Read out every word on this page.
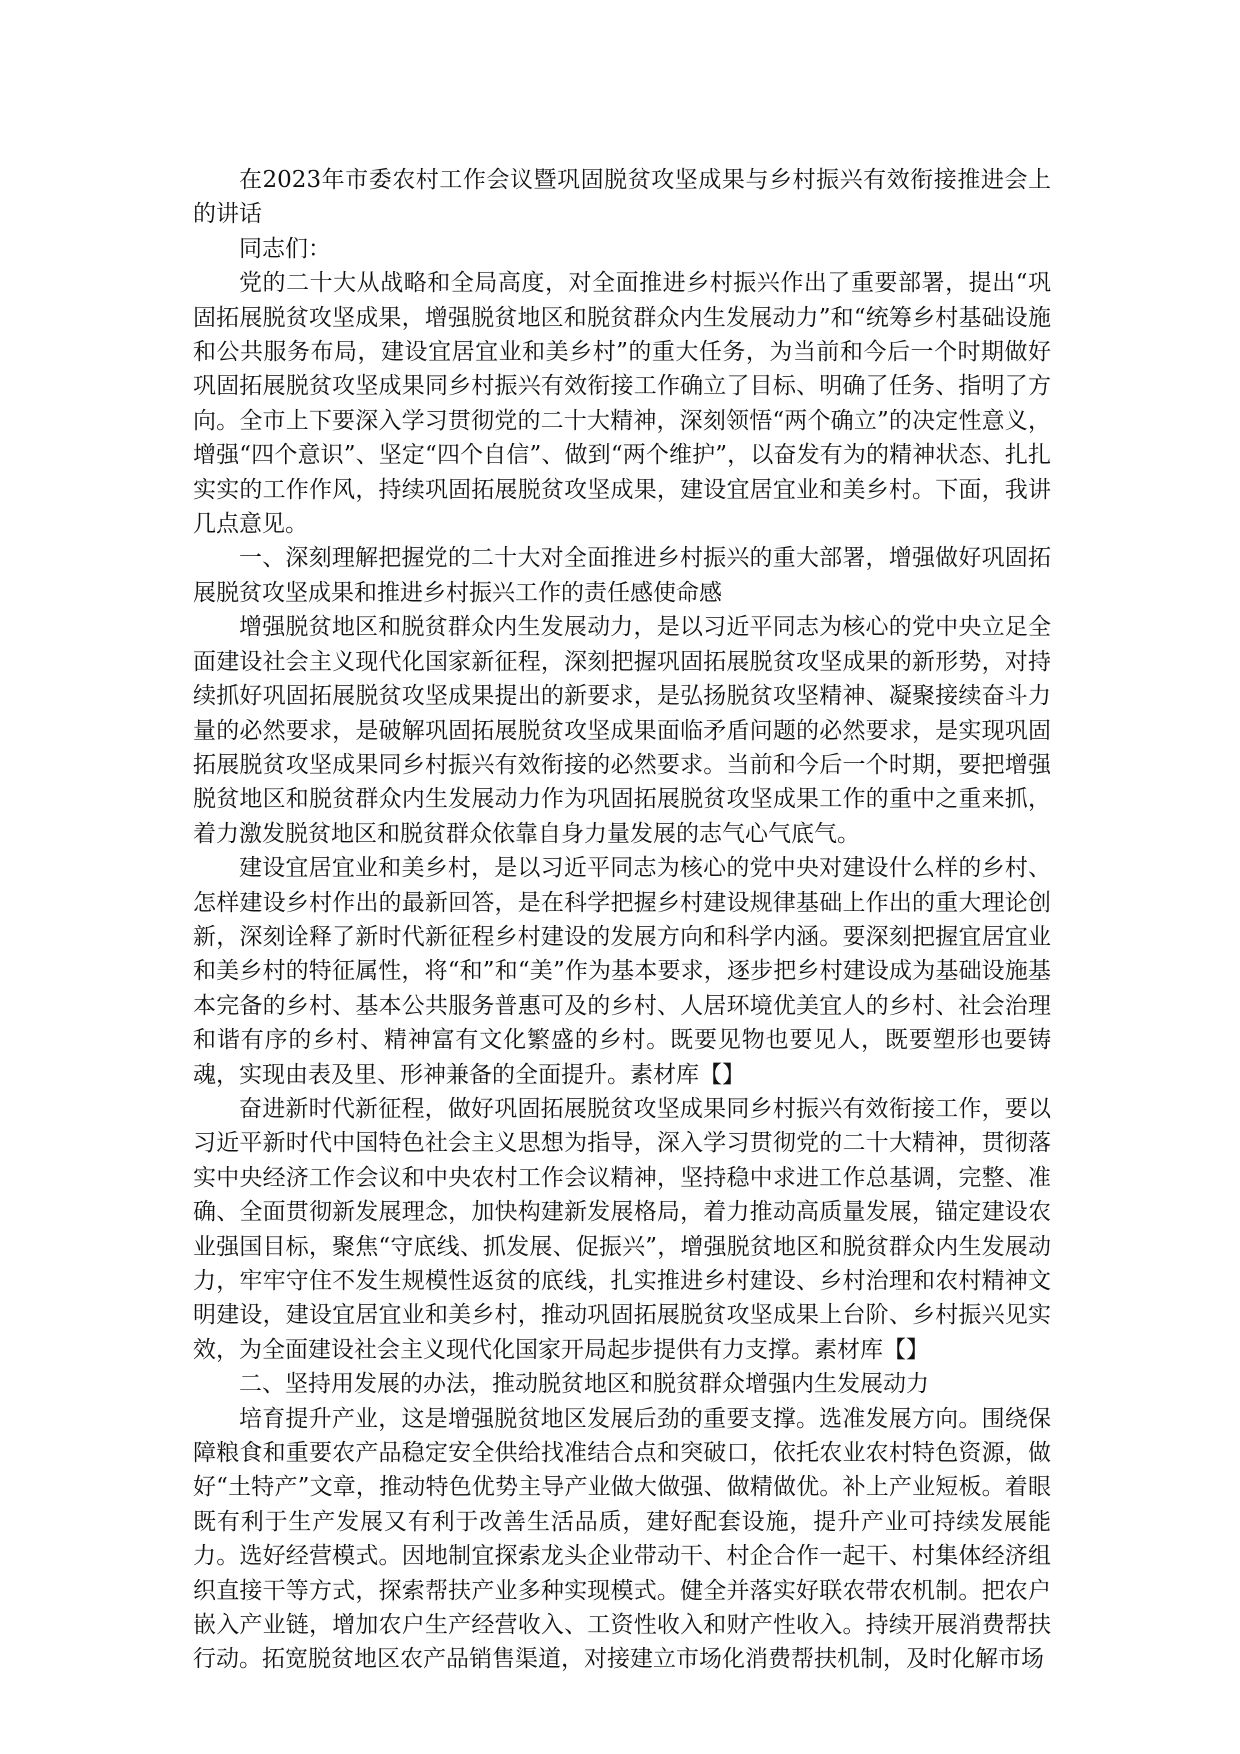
在2023年市委农村工作会议暨巩固脱贫攻坚成果与乡村振兴有效衔接推进会上的讲话

同志们：

党的二十大从战略和全局高度，对全面推进乡村振兴作出了重要部署，提出“巩固拓展脱贫攻坚成果，增强脱贫地区和脱贫群众内生发展动力”和“统筹乡村基础设施和公共服务布局，建设宜居宜业和美乡村”的重大任务，为当前和今后一个时期做好巩固拓展脱贫攻坚成果同乡村振兴有效衔接工作确立了目标、明确了任务、指明了方向。全市上下要深入学习贯彻党的二十大精神，深刻领悟“两个确立”的决定性意义，增强“四个意识”、坚定“四个自信”、做到“两个维护”，以奋发有为的精神状态、扎扎实实的工作作风，持续巩固拓展脱贫攻坚成果，建设宜居宜业和美乡村。下面，我讲几点意见。

一、深刻理解把握党的二十大对全面推进乡村振兴的重大部署，增强做好巩固拓展脱贫攻坚成果和推进乡村振兴工作的责任感使命感

增强脱贫地区和脱贫群众内生发展动力，是以习近平同志为核心的党中央立足全面建设社会主义现代化国家新征程，深刻把握巩固拓展脱贫攻坚成果的新形势，对持续抓好巩固拓展脱贫攻坚成果提出的新要求，是弘扬脱贫攻坚精神、凝聚接续奋斗力量的必然要求，是破解巩固拓展脱贫攻坚成果面临矛盾问题的必然要求，是实现巩固拓展脱贫攻坚成果同乡村振兴有效衔接的必然要求。当前和今后一个时期，要把增强脱贫地区和脱贫群众内生发展动力作为巩固拓展脱贫攻坚成果工作的重中之重来抓，着力激发脱贫地区和脱贫群众依靠自身力量发展的志气心气底气。

建设宜居宜业和美乡村，是以习近平同志为核心的党中央对建设什么样的乡村、怎样建设乡村作出的最新回答，是在科学把握乡村建设规律基础上作出的重大理论创新，深刻诠释了新时代新征程乡村建设的发展方向和科学内涵。要深刻把握宜居宜业和美乡村的特征属性，将“和”和“美”作为基本要求，逐步把乡村建设成为基础设施基本完备的乡村、基本公共服务普惠可及的乡村、人居环境优美宜人的乡村、社会治理和谐有序的乡村、精神富有文化繁盛的乡村。既要见物也要见人，既要塑形也要铸魂，实现由表及里、形神兼备的全面提升。素材库【】

奋进新时代新征程，做好巩固拓展脱贫攻坚成果同乡村振兴有效衔接工作，要以习近平新时代中国特色社会主义思想为指导，深入学习贯彻党的二十大精神，贯彻落实中央经济工作会议和中央农村工作会议精神，坚持稳中求进工作总基调，完整、准确、全面贯彻新发展理念，加快构建新发展格局，着力推动高质量发展，锚定建设农业强国目标，聚焦“守底线、抓发展、促振兴”，增强脱贫地区和脱贫群众内生发展动力，牢牢守住不发生规模性返贫的底线，扎实推进乡村建设、乡村治理和农村精神文明建设，建设宜居宜业和美乡村，推动巩固拓展脱贫攻坚成果上台阶、乡村振兴见实效，为全面建设社会主义现代化国家开局起步提供有力支撑。素材库【】

二、坚持用发展的办法，推动脱贫地区和脱贫群众增强内生发展动力

培育提升产业，这是增强脱贫地区发展后劲的重要支撑。选准发展方向。围绕保障粮食和重要农产品稳定安全供给找准结合点和突破口，依托农业农村特色资源，做好“土特产”文章，推动特色优势主导产业做大做强、做精做优。补上产业短板。着眼既有利于生产发展又有利于改善生活品质，建好配套设施，提升产业可持续发展能力。选好经营模式。因地制宜探索龙头企业带动干、村企合作一起干、村集体经济组织直接干等方式，探索帮扶产业多种实现模式。健全并落实好联农带农机制。把农户嵌入产业链，增加农户生产经营收入、工资性收入和财产性收入。持续开展消费帮扶行动。拓宽脱贫地区农产品销售渠道，对接建立市场化消费帮扶机制，及时化解市场
